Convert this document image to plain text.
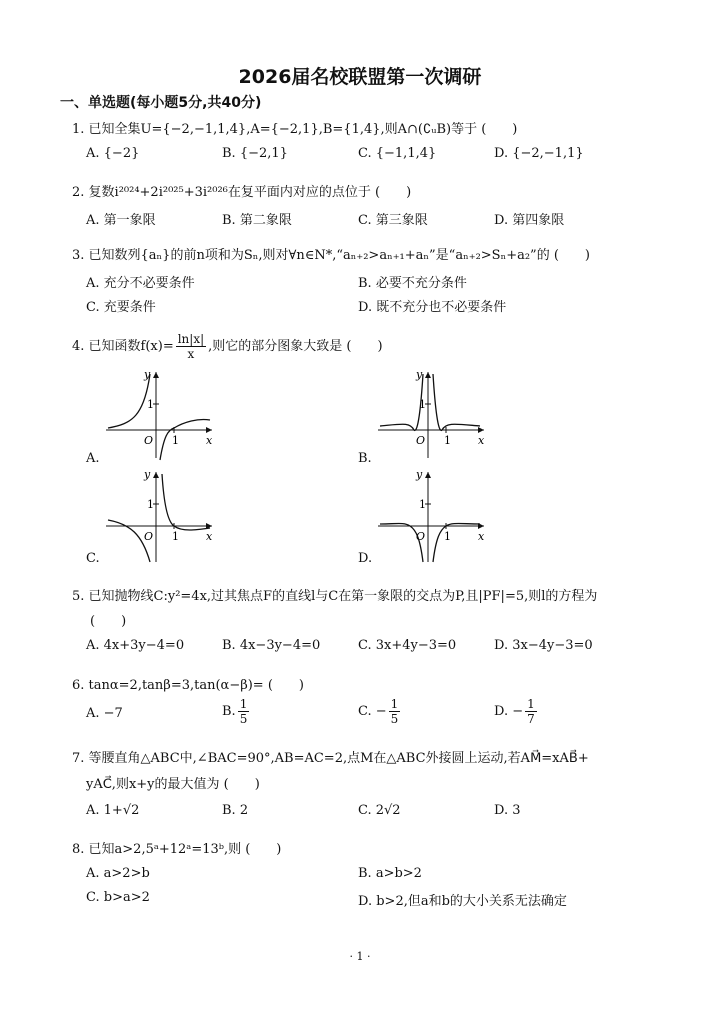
2026届名校联盟第一次调研
一、单选题(每小题5分,共40分)
1. 已知全集U={−2,−1,1,4},A={−2,1},B={1,4},则A∩(∁ᵤB)等于 (　　)
A. {−2}	B. {−2,1}	C. {−1,1,4}	D. {−2,−1,1}
2. 复数i²⁰²⁴+2i²⁰²⁵+3i²⁰²⁶在复平面内对应的点位于 (　　)
A. 第一象限	B. 第二象限	C. 第三象限	D. 第四象限
3. 已知数列{aₙ}的前n项和为Sₙ,则对∀n∈N*,“aₙ₊₂>aₙ₊₁+aₙ”是“aₙ₊₂>Sₙ+a₂”的 (　　)
A. 充分不必要条件	B. 必要不充分条件
C. 充要条件	D. 既不充分也不必要条件
4. 已知函数$f(x)= \frac{\ln|x|}{x}$ ,则它的部分图象大致是 (　　)
A.	B.
C.	D.
y
x
O
1
1
y
x
O
1
1
y
x
O
1
1
y
x
O
1
1
5. 已知抛物线C:y²=4x,过其焦点F的直线l与C在第一象限的交点为P,且|PF|=5,则l的方程为
(　　)
A. 4x+3y−4=0	B. 4x−3y−4=0	C. 3x+4y−3=0	D. 3x−4y−3=0
6. tanα=2,tanβ=3,tan(α−β)= (　　)
A. −7	B. $\frac{1}{5}$	C. − $\frac{1}{5}$	D. − $\frac{1}{7}$
7. 等腰直角△ABC中,∠BAC=90°,AB=AC=2,点M在△ABC外接圆上运动,若AM⃗=xAB⃗+
yAC⃗,则x+y的最大值为 (　　)
A. 1+√2	B. 2	C. 2√2	D. 3
8. 已知a>2,5ᵃ+12ᵃ=13ᵇ,则 (　　)
A. a>2>b	B. a>b>2
C. b>a>2	D. b>2,但a和b的大小关系无法确定
· 1 ·
